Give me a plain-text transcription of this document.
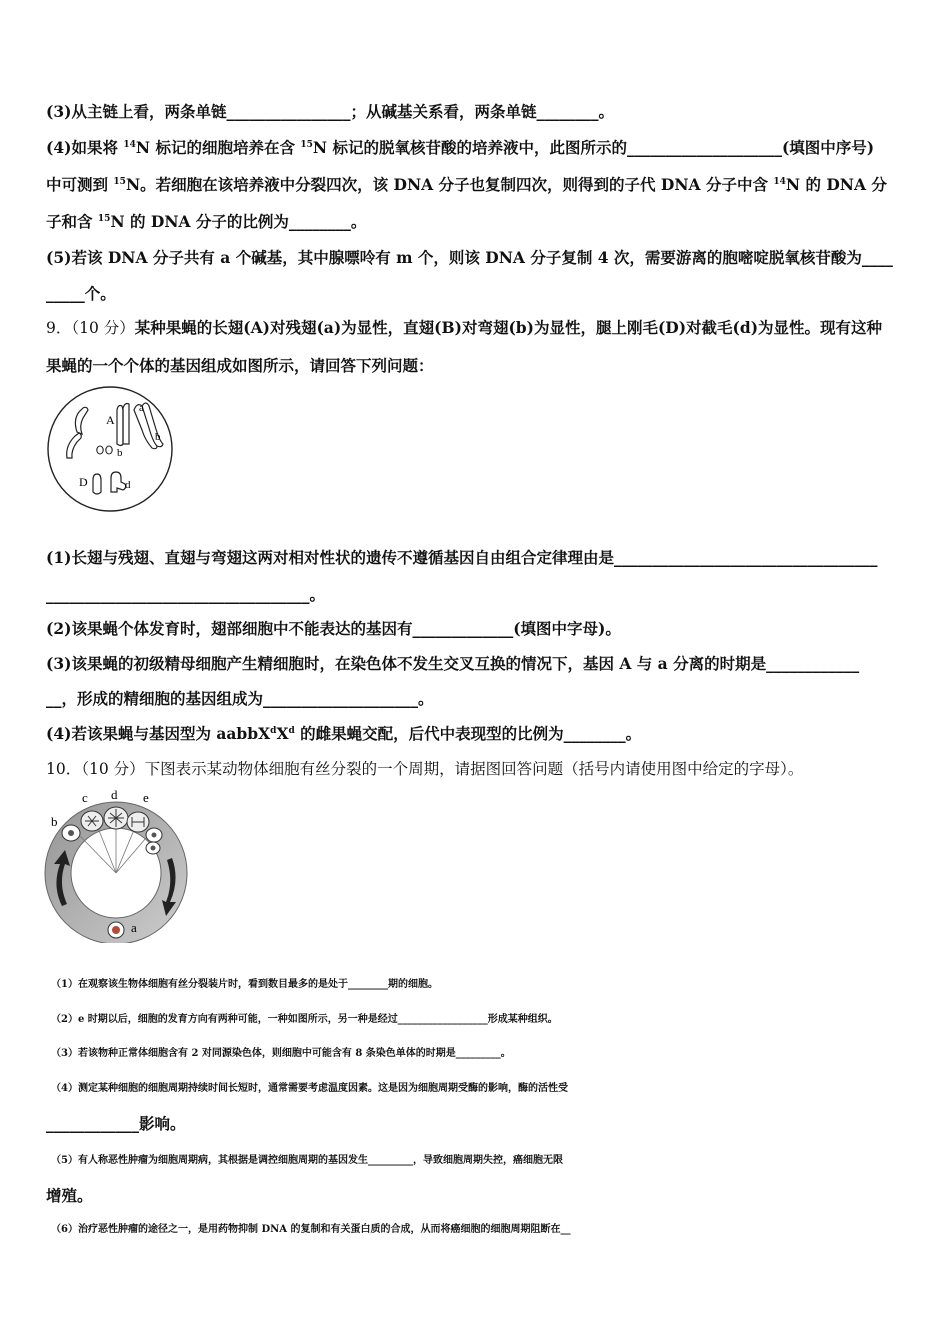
(3)从主链上看，两条单链________________；从碱基关系看，两条单链________。
(4)如果将 $^{14}$N 标记的细胞培养在含 $^{15}$N 标记的脱氧核苷酸的培养液中，此图所示的____________________(填图中序号)
中可测到 $^{15}$N。若细胞在该培养液中分裂四次，该 DNA 分子也复制四次，则得到的子代 DNA 分子中含 $^{14}$N 的 DNA 分
子和含 $^{15}$N 的 DNA 分子的比例为________。
(5)若该 DNA 分子共有 a 个碱基，其中腺嘌呤有 m 个，则该 DNA 分子复制 4 次，需要游离的胞嘧啶脱氧核苷酸为____
_____个。
9．（10 分）某种果蝇的长翅(A)对残翅(a)为显性，直翅(B)对弯翅(b)为显性，腿上刚毛(D)对截毛(d)为显性。现有这种
果蝇的一个个体的基因组成如图所示，请回答下列问题：
A
a
b
b
D	d
(1)长翅与残翅、直翅与弯翅这两对相对性状的遗传不遵循基因自由组合定律理由是__________________________________
__________________________________。
(2)该果蝇个体发育时，翅部细胞中不能表达的基因有_____________(填图中字母)。
(3)该果蝇的初级精母细胞产生精细胞时，在染色体不发生交叉互换的情况下，基因 A 与 a 分离的时期是____________
__，形成的精细胞的基因组成为____________________。
(4)若该果蝇与基因型为 $aabbX^dX^d$ 的雌果蝇交配，后代中表现型的比例为________。
10．（10 分）下图表示某动物体细胞有丝分裂的一个周期，请据图回答问题（括号内请使用图中给定的字母）。
c d e
b
a
（1）在观察该生物体细胞有丝分裂装片时，看到数目最多的是处于________期的细胞。
（2）e 时期以后，细胞的发育方向有两种可能，一种如图所示，另一种是经过__________________形成某种组织。
（3）若该物种正常体细胞含有 2 对同源染色体，则细胞中可能含有 8 条染色单体的时期是_________。
（4）测定某种细胞的细胞周期持续时间长短时，通常需要考虑温度因素。这是因为细胞周期受酶的影响，酶的活性受
____________影响。
（5）有人称恶性肿瘤为细胞周期病，其根据是调控细胞周期的基因发生_________，导致细胞周期失控，癌细胞无限
增殖。
（6）治疗恶性肿瘤的途径之一，是用药物抑制 DNA 的复制和有关蛋白质的合成，从而将癌细胞的细胞周期阻断在__
